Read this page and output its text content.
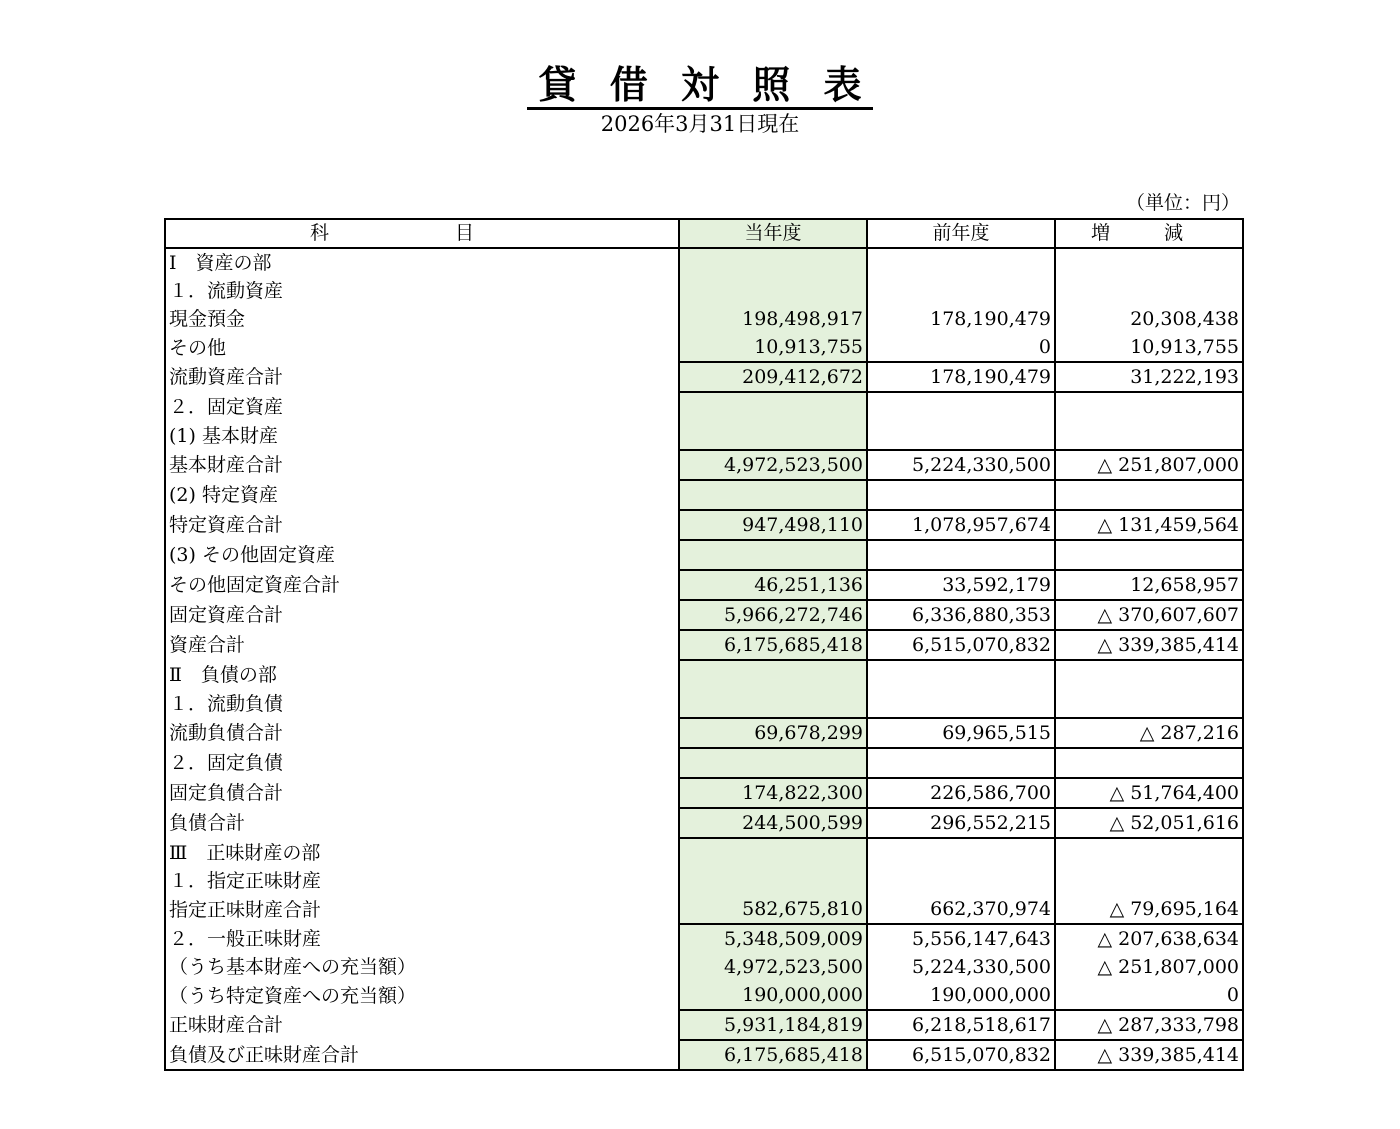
貸 借 対 照 表
2026年3月31日現在
（単位：円）
科 目	当年度	前年度	増 減
Ⅰ　資産の部			
１．流動資産			
現金預金	198,498,917	178,190,479	20,308,438
その他	10,913,755	0	10,913,755
流動資産合計	209,412,672	178,190,479	31,222,193
２．固定資産			
(1) 基本財産			
基本財産合計	4,972,523,500	5,224,330,500	△ 251,807,000
(2) 特定資産			
特定資産合計	947,498,110	1,078,957,674	△ 131,459,564
(3) その他固定資産			
その他固定資産合計	46,251,136	33,592,179	12,658,957
固定資産合計	5,966,272,746	6,336,880,353	△ 370,607,607
資産合計	6,175,685,418	6,515,070,832	△ 339,385,414
Ⅱ　負債の部			
１．流動負債			
流動負債合計	69,678,299	69,965,515	△ 287,216
２．固定負債			
固定負債合計	174,822,300	226,586,700	△ 51,764,400
負債合計	244,500,599	296,552,215	△ 52,051,616
Ⅲ　正味財産の部			
１．指定正味財産			
指定正味財産合計	582,675,810	662,370,974	△ 79,695,164
２．一般正味財産	5,348,509,009	5,556,147,643	△ 207,638,634
（うち基本財産への充当額）	4,972,523,500	5,224,330,500	△ 251,807,000
（うち特定資産への充当額）	190,000,000	190,000,000	0
正味財産合計	5,931,184,819	6,218,518,617	△ 287,333,798
負債及び正味財産合計	6,175,685,418	6,515,070,832	△ 339,385,414
